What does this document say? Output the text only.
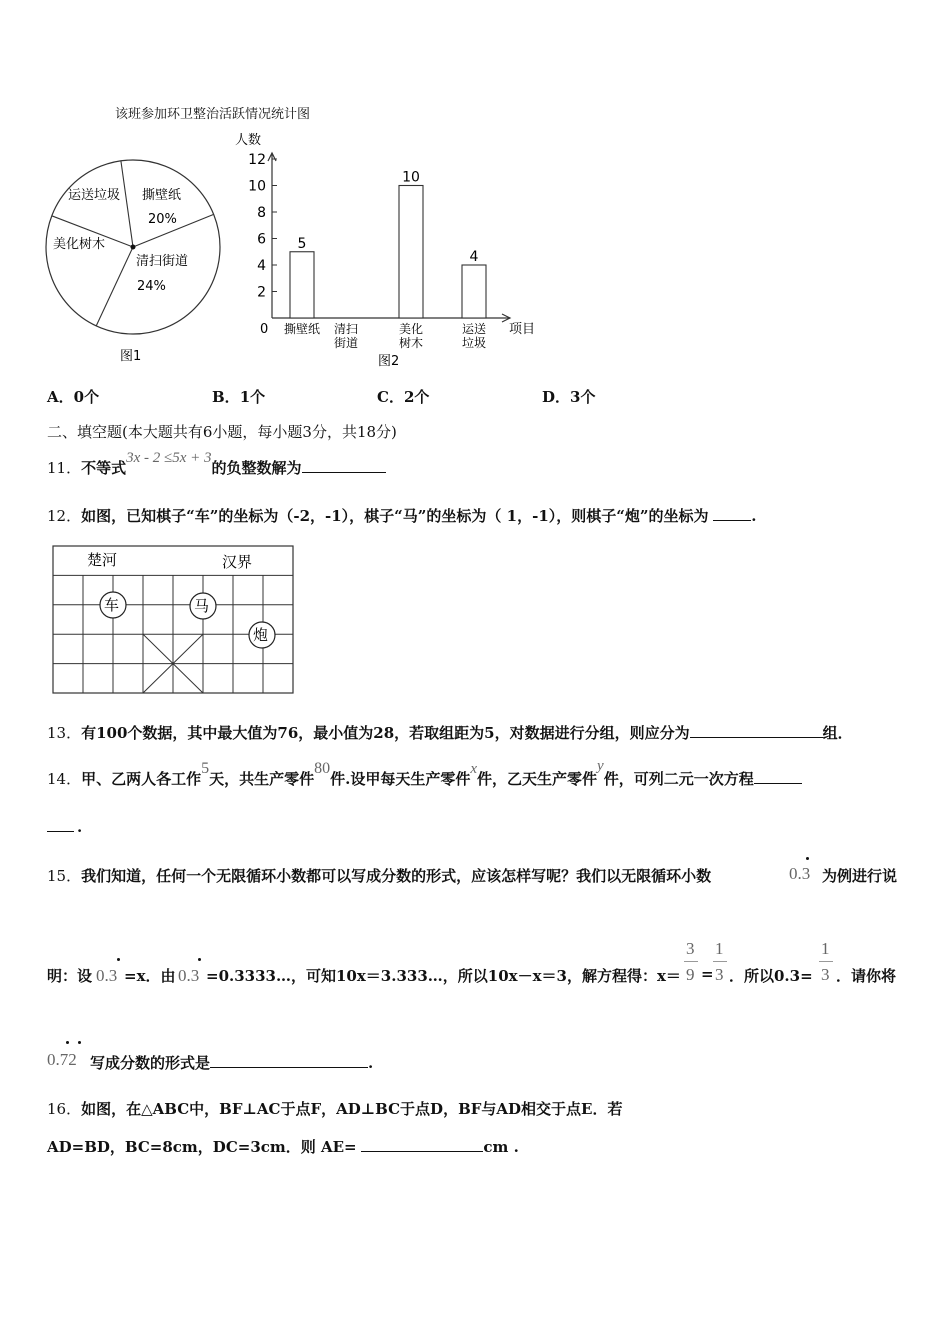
该班参加环卫整治活跃情况统计图
运送垃圾 撕壁纸
20%
美化树木
清扫街道
24%
图1
人数
项目
0
图2
2
4
6
8
10
12
5
撕壁纸 清扫
街道
10
美化
树木
4
运送
垃圾
A．0个	B．1个	C．2个	D．3个
二、填空题(本大题共有6小题，每小题3分，共18分)
11．不等式3x - 2 ≤5x + 3的负整数解为
12．如图，已知棋子“车”的坐标为（-2，-1），棋子“马”的坐标为（ 1，-1），则棋子“炮”的坐标为	.
楚河	汉界
车	马
炮
13．有100个数据，其中最大值为76，最小值为28，若取组距为5，对数据进行分组，则应分为	组．
14．甲、乙两人各工作5天，共生产零件80件.设甲每天生产零件x件，乙天生产零件y件，可列二元一次方程
.
15．我们知道，任何一个无限循环小数都可以写成分数的形式，应该怎样写呢？我们以无限循环小数	0.3 为例进行说
明：设 0.3 =x．由 0.3 =0.3333…，可知10x＝3.333…，所以10x－x＝3，解方程得：x＝
3
9 =
1
3 ．所以0.3=
1
3 ．请你将
0.72 写成分数的形式是	.
16．如图，在△ABC中，BF⊥AC于点F，AD⊥BC于点D，BF与AD相交于点E．若
AD=BD，BC=8cm，DC=3cm．则 AE=	cm .
